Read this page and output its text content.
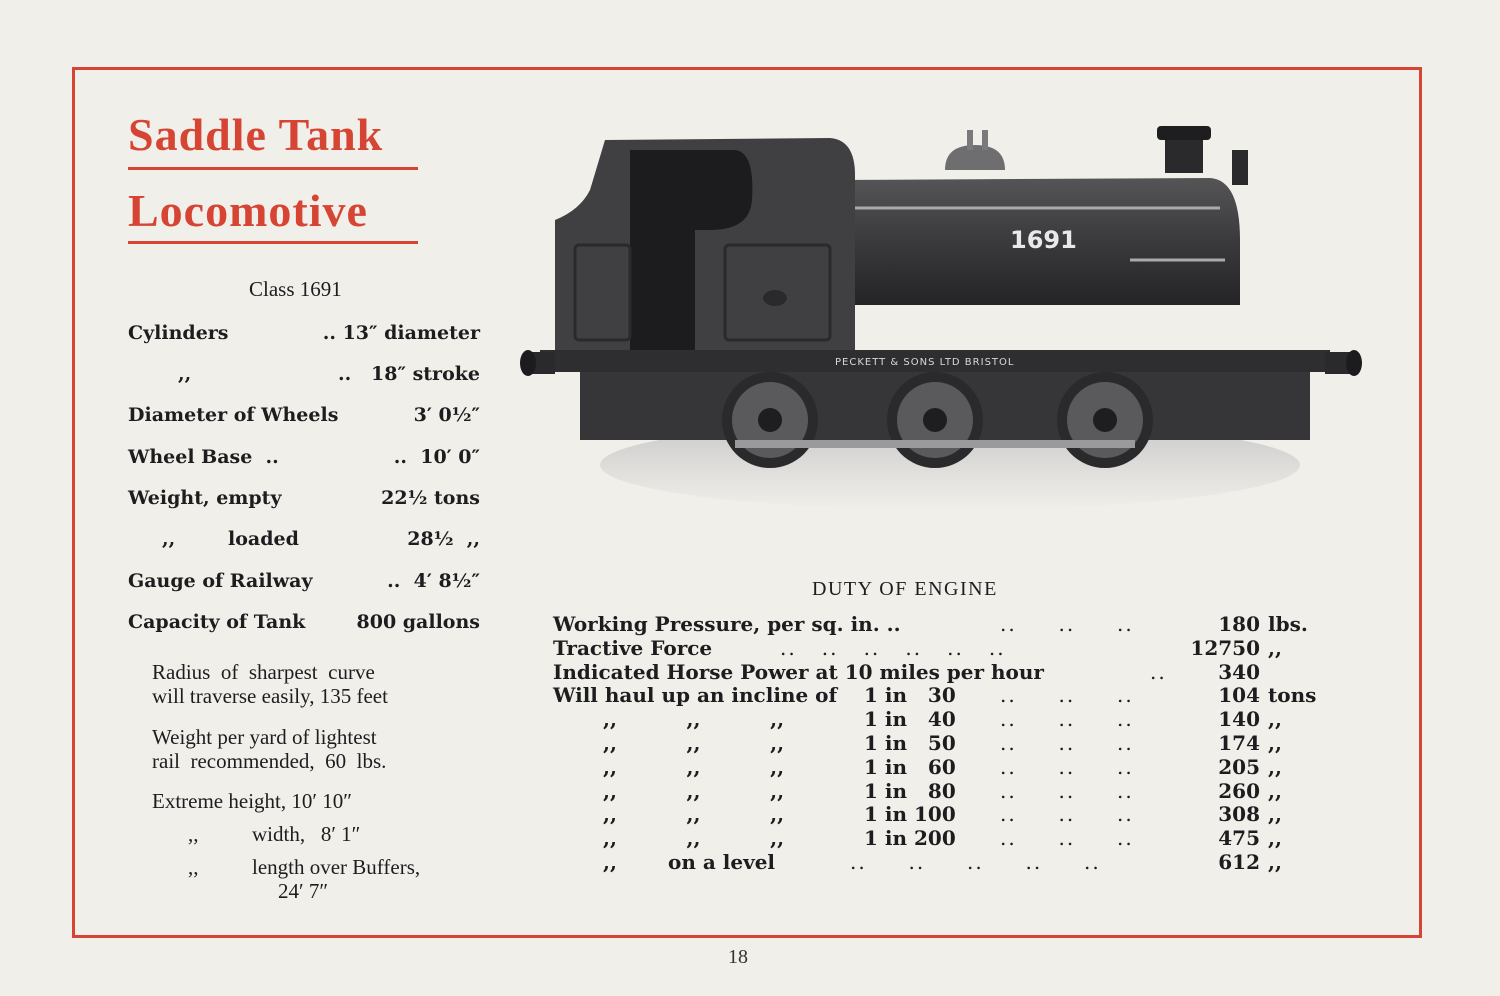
Saddle Tank
Locomotive
Class 1691
Cylinders	.. 13″ diameter
,,	..   18″ stroke
Diameter of Wheels	3′ 0½″
Wheel Base  ..	..  10′ 0″
Weight, empty	22½ tons
,,	loaded	28½  ,,
Gauge of Railway	..  4′ 8½″
Capacity of Tank	800 gallons
Radius  of  sharpest  curve
will traverse easily, 135 feet
Weight per yard of lightest
rail  recommended,  60  lbs.
Extreme height, 10′ 10″
,,	width,   8′ 1″
,,	length over Buffers,
24′ 7″
1691
PECKETT & SONS LTD BRISTOL
DUTY OF ENGINE
Working Pressure, per sq. in. ..	..     ..     ..	180 lbs.
Tractive Force	..   ..   ..   ..   ..   ..	12750 ,,
Indicated Horse Power at 10 miles per hour	..	340
Will haul up an incline of 1 in   30 ..     ..     ..	104 tons
,,          ,,          ,,	1 in   40 ..     ..     ..	140 ,,
,,          ,,          ,,	1 in   50 ..     ..     ..	174 ,,
,,          ,,          ,,	1 in   60 ..     ..     ..	205 ,,
,,          ,,          ,,	1 in   80 ..     ..     ..	260 ,,
,,          ,,          ,,	1 in 100 ..     ..     ..	308 ,,
,,          ,,          ,,	1 in 200 ..     ..     ..	475 ,,
,,	on a level	..     ..     ..     ..     ..	612 ,,
18
